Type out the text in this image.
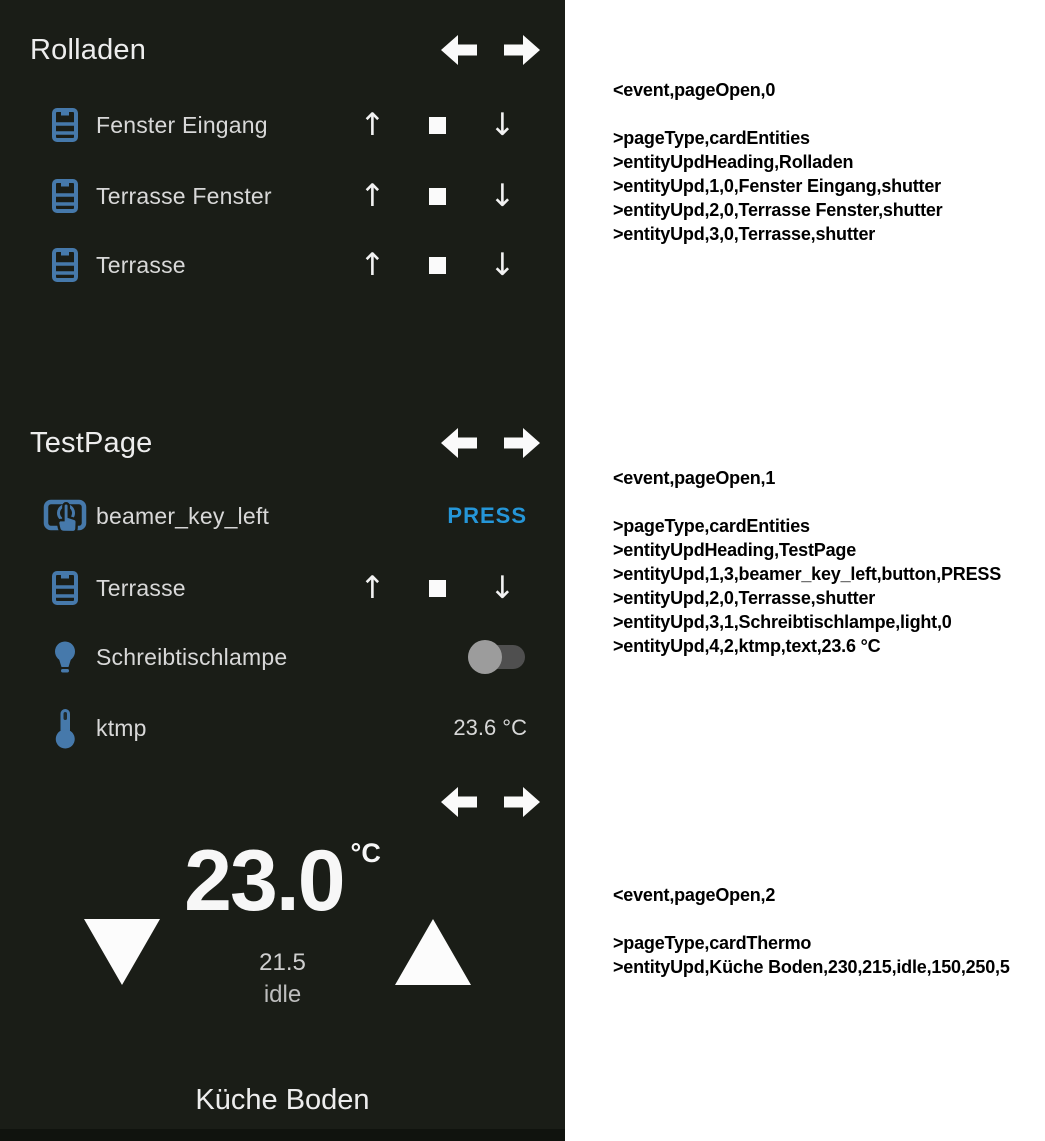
Rolladen
Fenster Eingang	↑	↓
Terrasse Fenster	↑	↓
Terrasse	↑	↓
TestPage
beamer_key_left	PRESS
Terrasse	↑	↓
Schreibtischlampe
ktmp	23.6 °C
23.0 °C
21.5
idle
Küche Boden
<event,pageOpen,0

>pageType,cardEntities
>entityUpdHeading,Rolladen
>entityUpd,1,0,Fenster Eingang,shutter
>entityUpd,2,0,Terrasse Fenster,shutter
>entityUpd,3,0,Terrasse,shutter
<event,pageOpen,1

>pageType,cardEntities
>entityUpdHeading,TestPage
>entityUpd,1,3,beamer_key_left,button,PRESS
>entityUpd,2,0,Terrasse,shutter
>entityUpd,3,1,Schreibtischlampe,light,0
>entityUpd,4,2,ktmp,text,23.6 °C
<event,pageOpen,2

>pageType,cardThermo
>entityUpd,Küche Boden,230,215,idle,150,250,5
